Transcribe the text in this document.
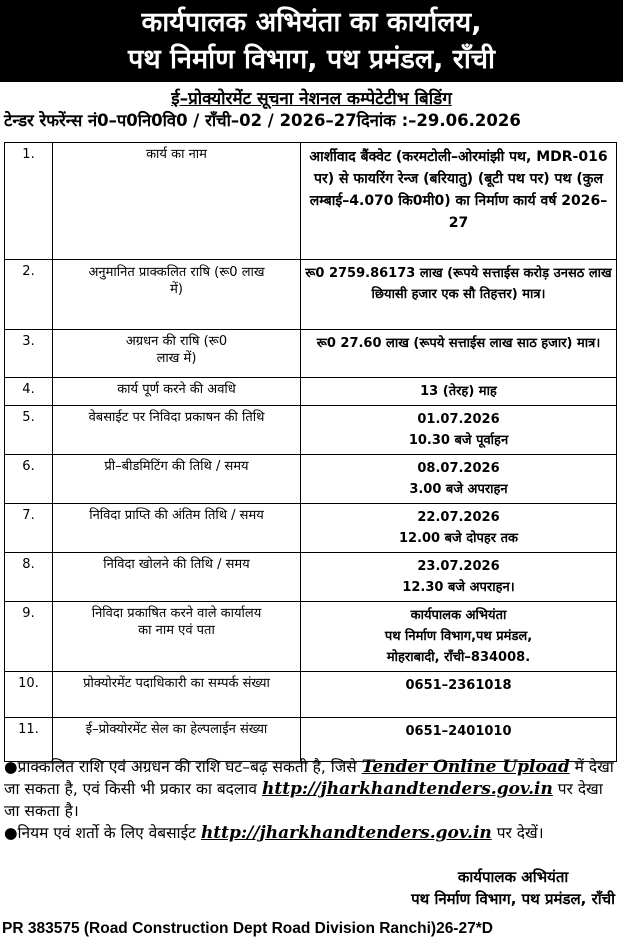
कार्यपालक अभियंता का कार्यालय,
पथ निर्माण विभाग, पथ प्रमंडल, राँची
ई–प्रोक्योरमेंट सूचना नेशनल कम्पेटेटीभ बिडिंग
टेन्डर रेफरेंन्स नं0–प0नि0वि0 / राँची–02 / 2026–27दिनांक :–29.06.2026
1.	कार्य का नाम	आर्शीवाद बैंक्वेट (करमटोली–ओरमांझी पथ, MDR-016 पर) से फायरिंग रेन्ज (बरियातु) (बूटी पथ पर) पथ (कुल लम्बाई–4.070 कि0मी0) का निर्माण कार्य वर्ष 2026–27
2.	अनुमानित प्राक्कलित राषि (रू0 लाख में)	रू0 2759.86173 लाख (रूपये सत्ताईस करोड़ उनसठ लाख छियासी हजार एक सौ तिहत्तर) मात्र।
3.	अग्रधन की राषि (रू0 लाख में)	रू0 27.60 लाख (रूपये सत्ताईस लाख साठ हजार) मात्र।
4.	कार्य पूर्ण करने की अवधि	13 (तेरह) माह
5.	वेबसाईट पर निविदा प्रकाषन की तिथि	01.07.2026
10.30 बजे पूर्वाहन

6.	प्री–बीडमिटिंग की तिथि / समय	08.07.2026
3.00 बजे अपराहन

7.	निविदा प्राप्ति की अंतिम तिथि / समय	22.07.2026
12.00 बजे दोपहर तक

8.	निविदा खोलने की तिथि / समय	23.07.2026
12.30 बजे अपराहन।

9.	निविदा प्रकाषित करने वाले कार्यालय का नाम एवं पता	कार्यपालक अभियंता
पथ निर्माण विभाग,पथ प्रमंडल,
मोहराबादी, राँची–834008.

10.	प्रोक्योरमेंट पदाधिकारी का सम्पर्क संख्या	0651–2361018
11.	ई–प्रोक्योरमेंट सेल का हेल्पलाईन संख्या	0651–2401010

●प्राक्कलित राशि एवं अग्रधन की राशि घट–बढ़ सकती है, जिसे Tender Online Upload में देखा जा सकता है, एवं किसी भी प्रकार का बदलाव http://jharkhandtenders.gov.in पर देखा जा सकता है।

●नियम एवं शर्तो के लिए वेबसाईट http://jharkhandtenders.gov.in पर देखें।

कार्यपालक अभियंता
पथ निर्माण विभाग, पथ प्रमंडल, राँची
PR 383575 (Road Construction Dept Road Division Ranchi)26-27*D
